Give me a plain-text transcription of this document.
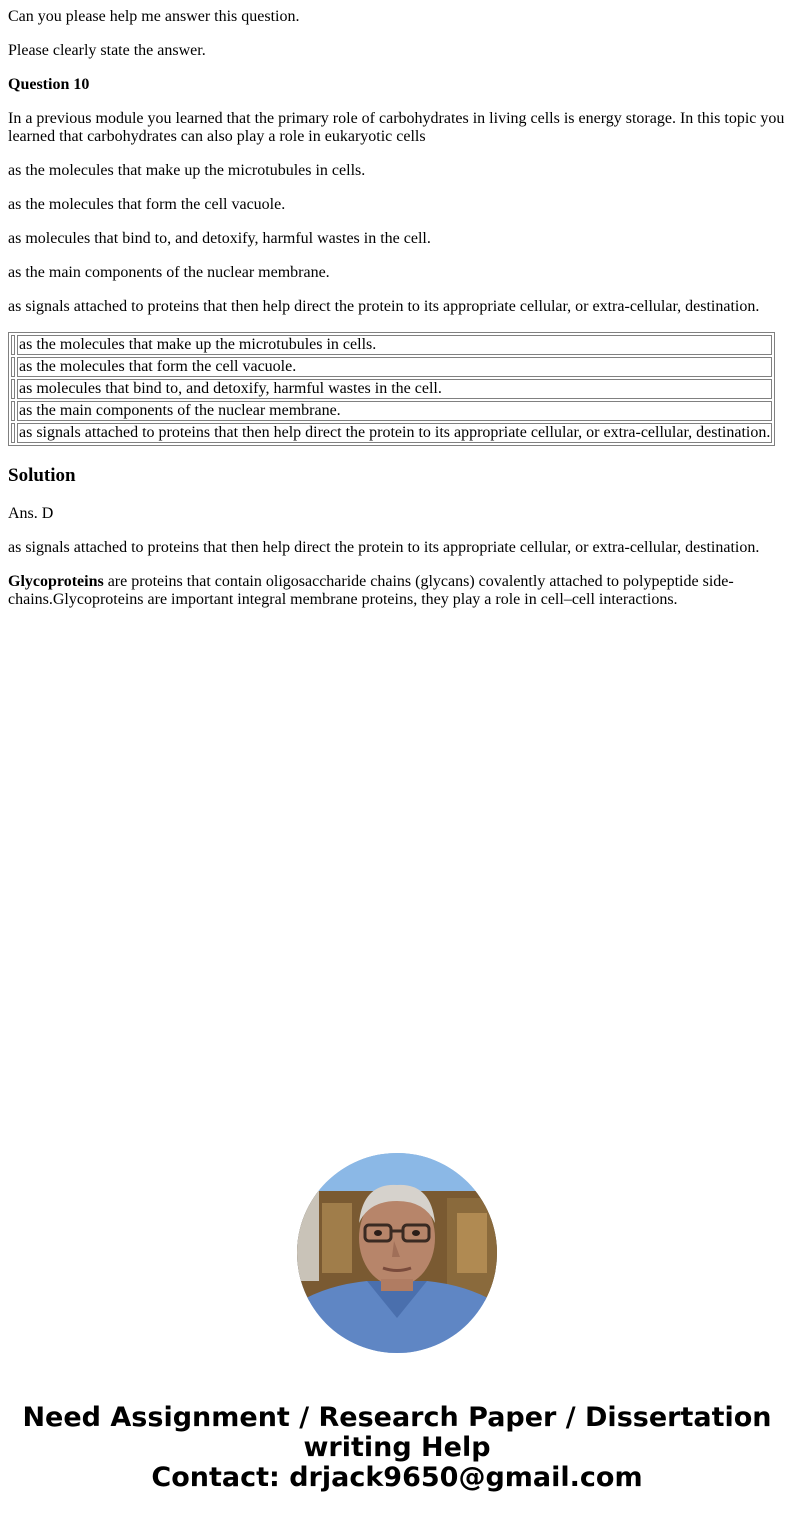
Can you please help me answer this question.

Please clearly state the answer.

Question 10

In a previous module you learned that the primary role of carbohydrates in living cells is energy storage. In this topic you learned that carbohydrates can also play a role in eukaryotic cells

as the molecules that make up the microtubules in cells.

as the molecules that form the cell vacuole.

as molecules that bind to, and detoxify, harmful wastes in the cell.

as the main components of the nuclear membrane.

as signals attached to proteins that then help direct the protein to its appropriate cellular, or extra-cellular, destination.

	as the molecules that make up the microtubules in cells.
	as the molecules that form the cell vacuole.
	as molecules that bind to, and detoxify, harmful wastes in the cell.
	as the main components of the nuclear membrane.
	as signals attached to proteins that then help direct the protein to its appropriate cellular, or extra-cellular, destination.
Solution

Ans. D

as signals attached to proteins that then help direct the protein to its appropriate cellular, or extra-cellular, destination.

Glycoproteins are proteins that contain oligosaccharide chains (glycans) covalently attached to polypeptide side-chains.Glycoproteins are important integral membrane proteins, they play a role in cell–cell interactions.

Need Assignment / Research Paper / Dissertation
writing Help
Contact: drjack9650@gmail.com
